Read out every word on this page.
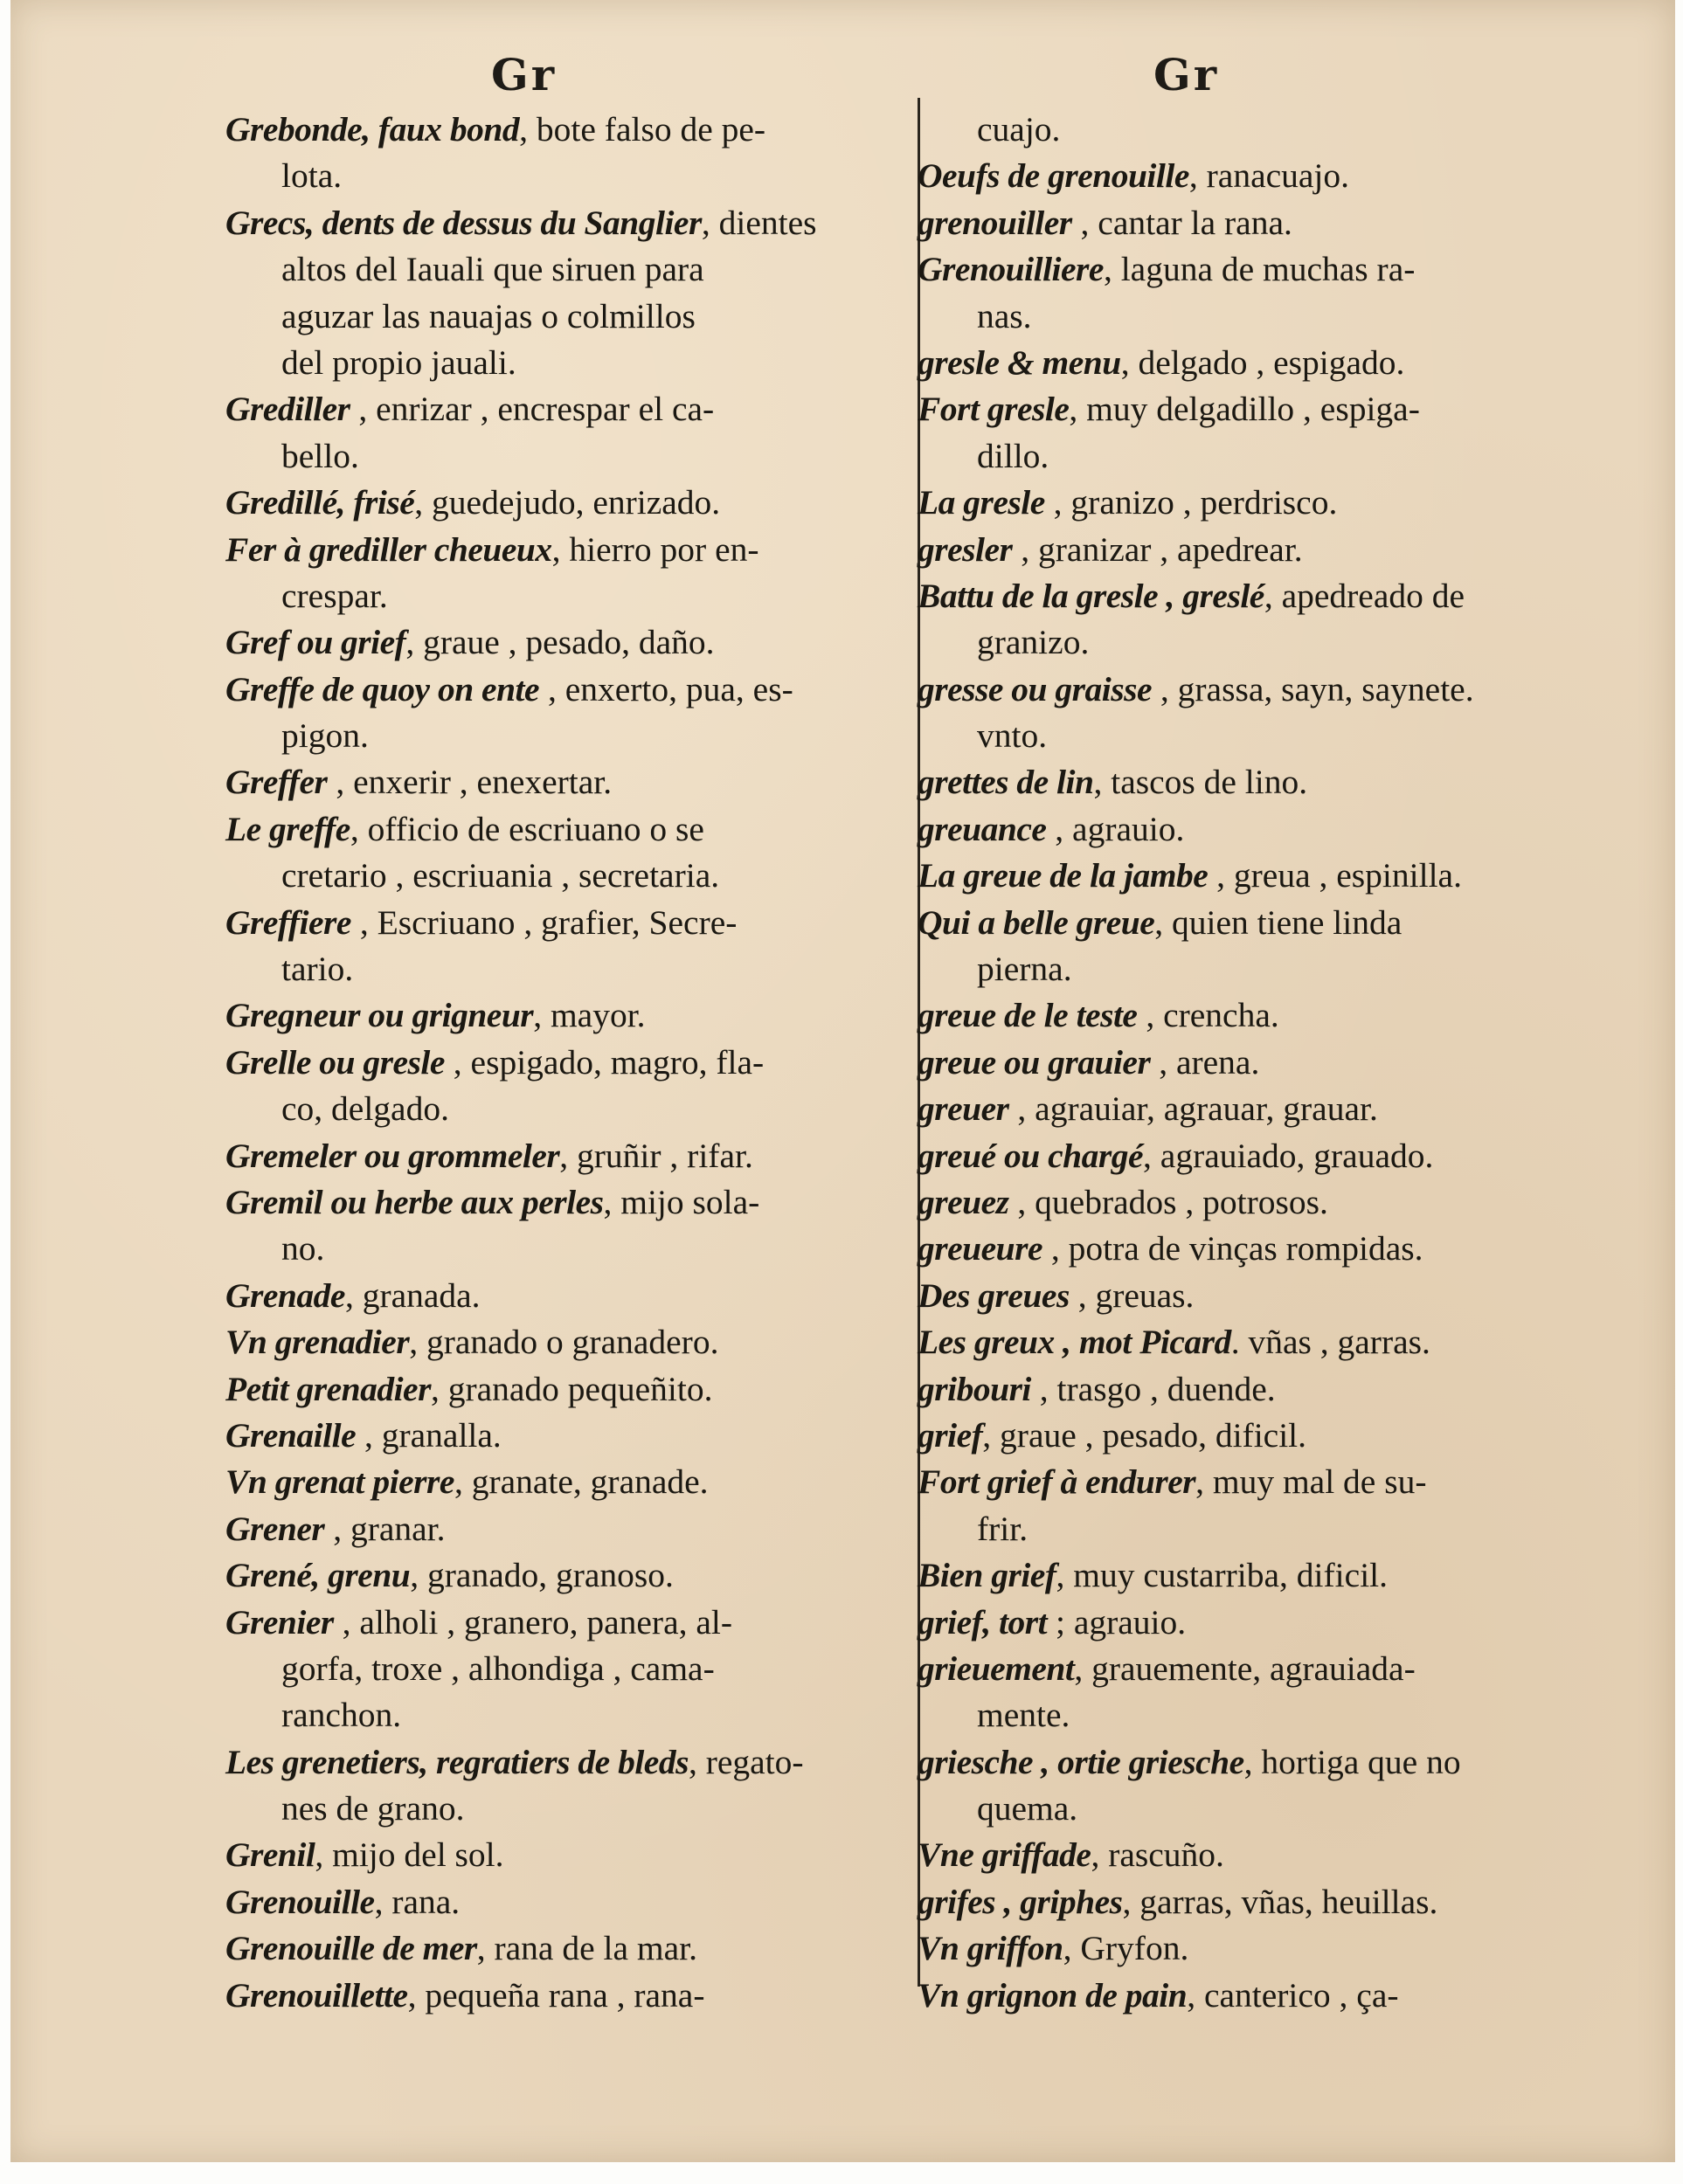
Gr	Gr
Grebonde, faux bond, bote falso de pe-
lota.
Grecs, dents de dessus du Sanglier, dientes
altos del Iauali que siruen para
aguzar las nauajas o colmillos
del propio jauali.
Grediller , enrizar , encrespar el ca-
bello.
Gredillé, frisé, guedejudo, enrizado.
Fer à grediller cheueux, hierro por en-
crespar.
Gref ou grief, graue , pesado, daño.
Greffe de quoy on ente , enxerto, pua, es-
pigon.
Greffer , enxerir , enexertar.
Le greffe, officio de escriuano o se
cretario , escriuania , secretaria.
Greffiere , Escriuano , grafier, Secre-
tario.
Gregneur ou grigneur, mayor.
Grelle ou gresle , espigado, magro, fla-
co, delgado.
Gremeler ou grommeler, gruñir , rifar.
Gremil ou herbe aux perles, mijo sola-
no.
Grenade, granada.
Vn grenadier, granado o granadero.
Petit grenadier, granado pequeñito.
Grenaille , granalla.
Vn grenat pierre, granate, granade.
Grener , granar.
Grené, grenu, granado, granoso.
Grenier , alholi , granero, panera, al-
gorfa, troxe , alhondiga , cama-
ranchon.
Les grenetiers, regratiers de bleds, regato-
nes de grano.
Grenil, mijo del sol.
Grenouille, rana.
Grenouille de mer, rana de la mar.
Grenouillette, pequeña rana , rana-
cuajo.
Oeufs de grenouille, ranacuajo.
grenouiller , cantar la rana.
Grenouilliere, laguna de muchas ra-
nas.
gresle & menu, delgado , espigado.
Fort gresle, muy delgadillo , espiga-
dillo.
La gresle , granizo , perdrisco.
gresler , granizar , apedrear.
Battu de la gresle , greslé, apedreado de
granizo.
gresse ou graisse , grassa, sayn, saynete.
vnto.
grettes de lin, tascos de lino.
greuance , agrauio.
La greue de la jambe , greua , espinilla.
Qui a belle greue, quien tiene linda
pierna.
greue de le teste , crencha.
greue ou grauier , arena.
greuer , agrauiar, agrauar, grauar.
greué ou chargé, agrauiado, grauado.
greuez , quebrados , potrosos.
greueure , potra de vinças rompidas.
Des greues , greuas.
Les greux , mot Picard. vñas , garras.
gribouri , trasgo , duende.
grief, graue , pesado, dificil.
Fort grief à endurer, muy mal de su-
frir.
Bien grief, muy custarriba, dificil.
grief, tort ; agrauio.
grieuement, grauemente, agrauiada-
mente.
griesche , ortie griesche, hortiga que no
quema.
Vne griffade, rascuño.
grifes , griphes, garras, vñas, heuillas.
Vn griffon, Gryfon.
Vn grignon de pain, canterico , ça-
